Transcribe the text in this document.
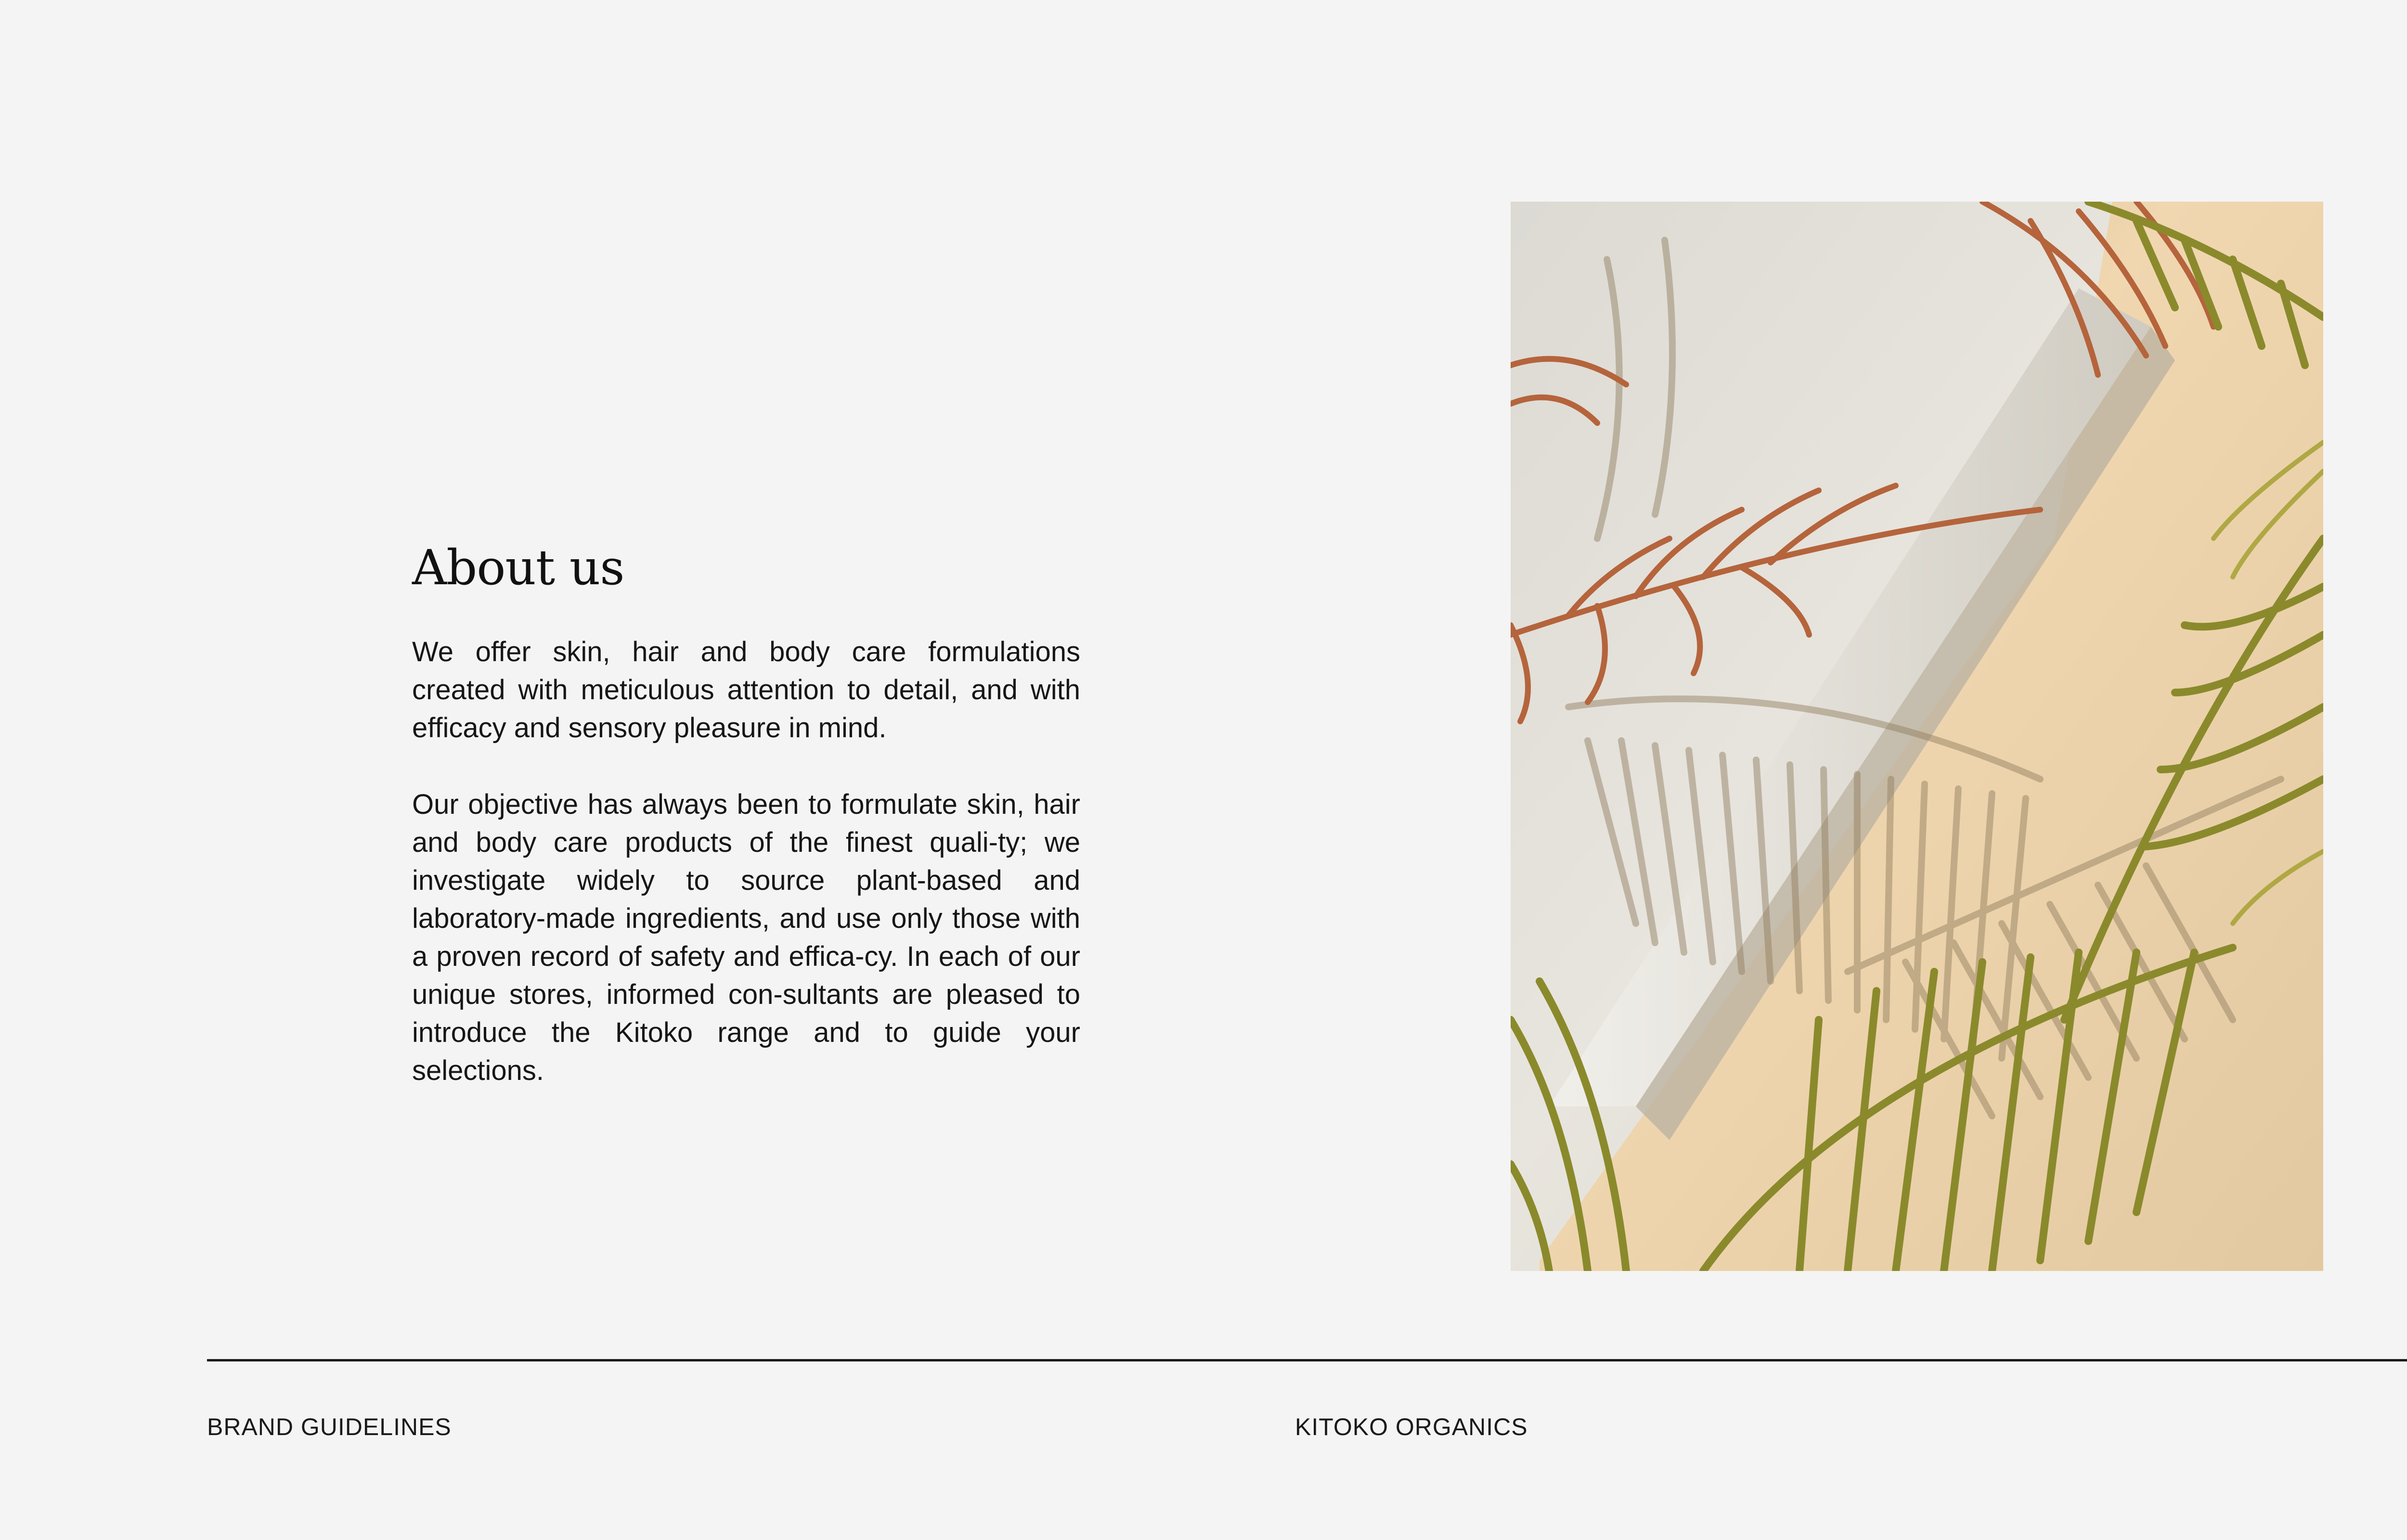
About us

We offer skin, hair and body care formulations created with meticulous attention to detail, and with efficacy and sensory pleasure in mind.

Our objective has always been to formulate skin, hair and body care products of the finest quali-ty; we investigate widely to source plant-based and laboratory-made ingredients, and use only those with a proven record of safety and effica-cy. In each of our unique stores, informed con-sultants are pleased to introduce the Kitoko range and to guide your selections.

BRAND GUIDELINES	KITOKO ORGANICS
